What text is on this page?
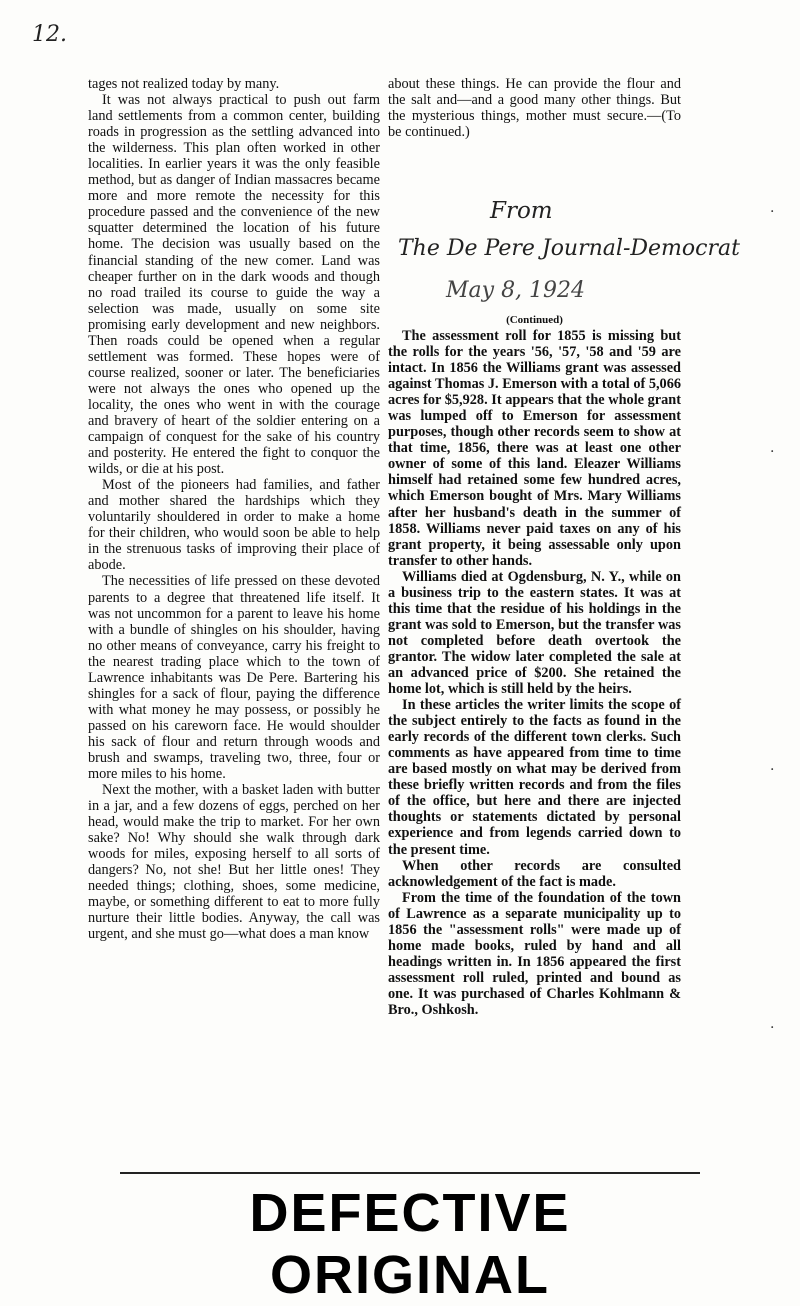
12.

tages not realized today by many.

It was not always practical to push out farm land settlements from a common center, building roads in progression as the settling advanced into the wilderness. This plan often worked in other localities. In earlier years it was the only feasible method, but as danger of Indian massacres became more and more remote the necessity for this procedure passed and the convenience of the new squatter determined the location of his future home. The decision was usually based on the financial standing of the new comer. Land was cheaper further on in the dark woods and though no road trailed its course to guide the way a selection was made, usually on some site promising early development and new neighbors. Then roads could be opened when a regular settlement was formed. These hopes were of course realized, sooner or later. The beneficiaries were not always the ones who opened up the locality, the ones who went in with the courage and bravery of heart of the soldier entering on a campaign of conquest for the sake of his country and posterity. He entered the fight to conquor the wilds, or die at his post.

Most of the pioneers had families, and father and mother shared the hardships which they voluntarily shouldered in order to make a home for their children, who would soon be able to help in the strenuous tasks of improving their place of abode.

The necessities of life pressed on these devoted parents to a degree that threatened life itself. It was not uncommon for a parent to leave his home with a bundle of shingles on his shoulder, having no other means of conveyance, carry his freight to the nearest trading place which to the town of Lawrence inhabitants was De Pere. Bartering his shingles for a sack of flour, paying the difference with what money he may possess, or possibly he passed on his careworn face. He would shoulder his sack of flour and return through woods and brush and swamps, traveling two, three, four or more miles to his home.

Next the mother, with a basket laden with butter in a jar, and a few dozens of eggs, perched on her head, would make the trip to market. For her own sake? No! Why should she walk through dark woods for miles, exposing herself to all sorts of dangers? No, not she! But her little ones! They needed things; clothing, shoes, some medicine, maybe, or something different to eat to more fully nurture their little bodies. Anyway, the call was urgent, and she must go—what does a man know

about these things. He can provide the flour and the salt and—and a good many other things. But the mysterious things, mother must secure.—(To be continued.)

From
The De Pere Journal-Democrat
May 8, 1924
(Continued)

The assessment roll for 1855 is missing but the rolls for the years '56, '57, '58 and '59 are intact. In 1856 the Williams grant was assessed against Thomas J. Emerson with a total of 5,066 acres for $5,928. It appears that the whole grant was lumped off to Emerson for assessment purposes, though other records seem to show at that time, 1856, there was at least one other owner of some of this land. Eleazer Williams himself had retained some few hundred acres, which Emerson bought of Mrs. Mary Williams after her husband's death in the summer of 1858. Williams never paid taxes on any of his grant property, it being assessable only upon transfer to other hands.

Williams died at Ogdensburg, N. Y., while on a business trip to the eastern states. It was at this time that the residue of his holdings in the grant was sold to Emerson, but the transfer was not completed before death overtook the grantor. The widow later completed the sale at an advanced price of $200. She retained the home lot, which is still held by the heirs.

In these articles the writer limits the scope of the subject entirely to the facts as found in the early records of the different town clerks. Such comments as have appeared from time to time are based mostly on what may be derived from these briefly written records and from the files of the office, but here and there are injected thoughts or statements dictated by personal experience and from legends carried down to the present time.

When other records are consulted acknowledgement of the fact is made.

From the time of the foundation of the town of Lawrence as a separate municipality up to 1856 the "assessment rolls" were made up of home made books, ruled by hand and all headings written in. In 1856 appeared the first assessment roll ruled, printed and bound as one. It was purchased of Charles Kohlmann & Bro., Oshkosh.

·
·
·
·
DEFECTIVE ORIGINAL
